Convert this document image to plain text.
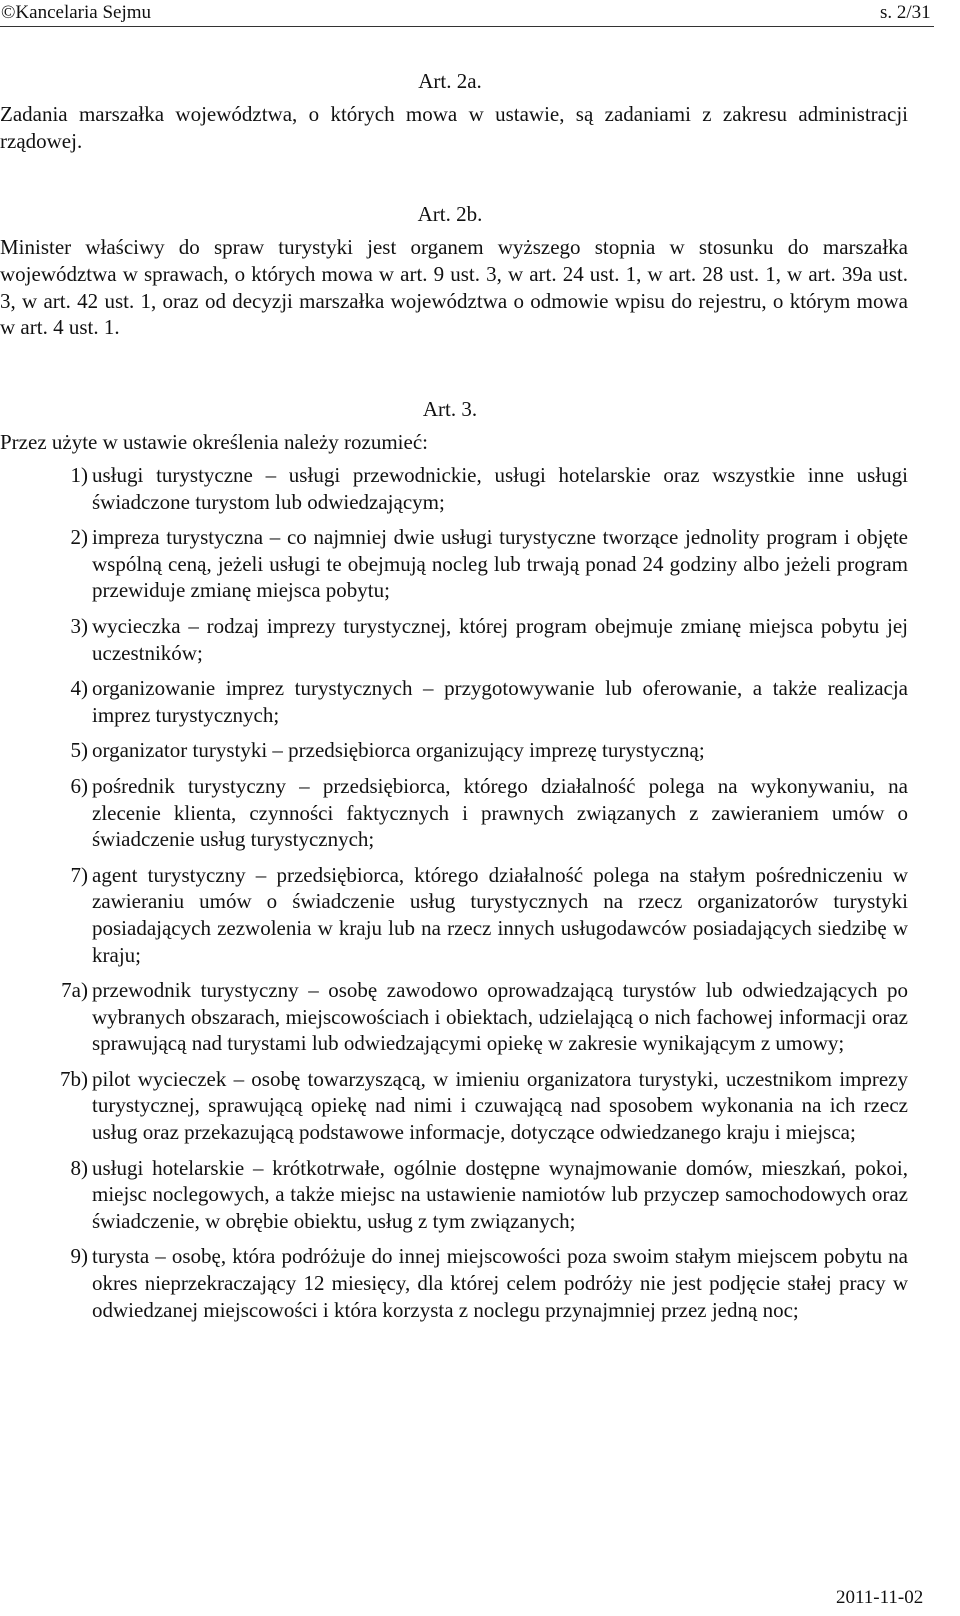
©Kancelaria Sejmu	s. 2/31
Art. 2a.

Zadania marszałka województwa, o których mowa w ustawie, są zadaniami z zakresu administracji rządowej.

Art. 2b.

Minister właściwy do spraw turystyki jest organem wyższego stopnia w stosunku do marszałka województwa w sprawach, o których mowa w art. 9 ust. 3, w art. 24 ust. 1, w art. 28 ust. 1, w art. 39a ust. 3, w art. 42 ust. 1, oraz od decyzji marszałka województwa o odmowie wpisu do rejestru, o którym mowa w art. 4 ust. 1.

Art. 3.

Przez użyte w ustawie określenia należy rozumieć:

1) usługi turystyczne – usługi przewodnickie, usługi hotelarskie oraz wszystkie inne usługi świadczone turystom lub odwiedzającym;
2) impreza turystyczna – co najmniej dwie usługi turystyczne tworzące jednolity program i objęte wspólną ceną, jeżeli usługi te obejmują nocleg lub trwają ponad 24 godziny albo jeżeli program przewiduje zmianę miejsca pobytu;
3) wycieczka – rodzaj imprezy turystycznej, której program obejmuje zmianę miejsca pobytu jej uczestników;
4) organizowanie imprez turystycznych – przygotowywanie lub oferowanie, a także realizacja imprez turystycznych;
5) organizator turystyki – przedsiębiorca organizujący imprezę turystyczną;
6) pośrednik turystyczny – przedsiębiorca, którego działalność polega na wykonywaniu, na zlecenie klienta, czynności faktycznych i prawnych związanych z zawieraniem umów o świadczenie usług turystycznych;
7) agent turystyczny – przedsiębiorca, którego działalność polega na stałym pośredniczeniu w zawieraniu umów o świadczenie usług turystycznych na rzecz organizatorów turystyki posiadających zezwolenia w kraju lub na rzecz innych usługodawców posiadających siedzibę w kraju;
7a) przewodnik turystyczny – osobę zawodowo oprowadzającą turystów lub odwiedzających po wybranych obszarach, miejscowościach i obiektach, udzielającą o nich fachowej informacji oraz sprawującą nad turystami lub odwiedzającymi opiekę w zakresie wynikającym z umowy;
7b) pilot wycieczek – osobę towarzyszącą, w imieniu organizatora turystyki, uczestnikom imprezy turystycznej, sprawującą opiekę nad nimi i czuwającą nad sposobem wykonania na ich rzecz usług oraz przekazującą podstawowe informacje, dotyczące odwiedzanego kraju i miejsca;
8) usługi hotelarskie – krótkotrwałe, ogólnie dostępne wynajmowanie domów, mieszkań, pokoi, miejsc noclegowych, a także miejsc na ustawienie namiotów lub przyczep samochodowych oraz świadczenie, w obrębie obiektu, usług z tym związanych;
9) turysta – osobę, która podróżuje do innej miejscowości poza swoim stałym miejscem pobytu na okres nieprzekraczający 12 miesięcy, dla której celem podróży nie jest podjęcie stałej pracy w odwiedzanej miejscowości i która korzysta z noclegu przynajmniej przez jedną noc;
2011-11-02
